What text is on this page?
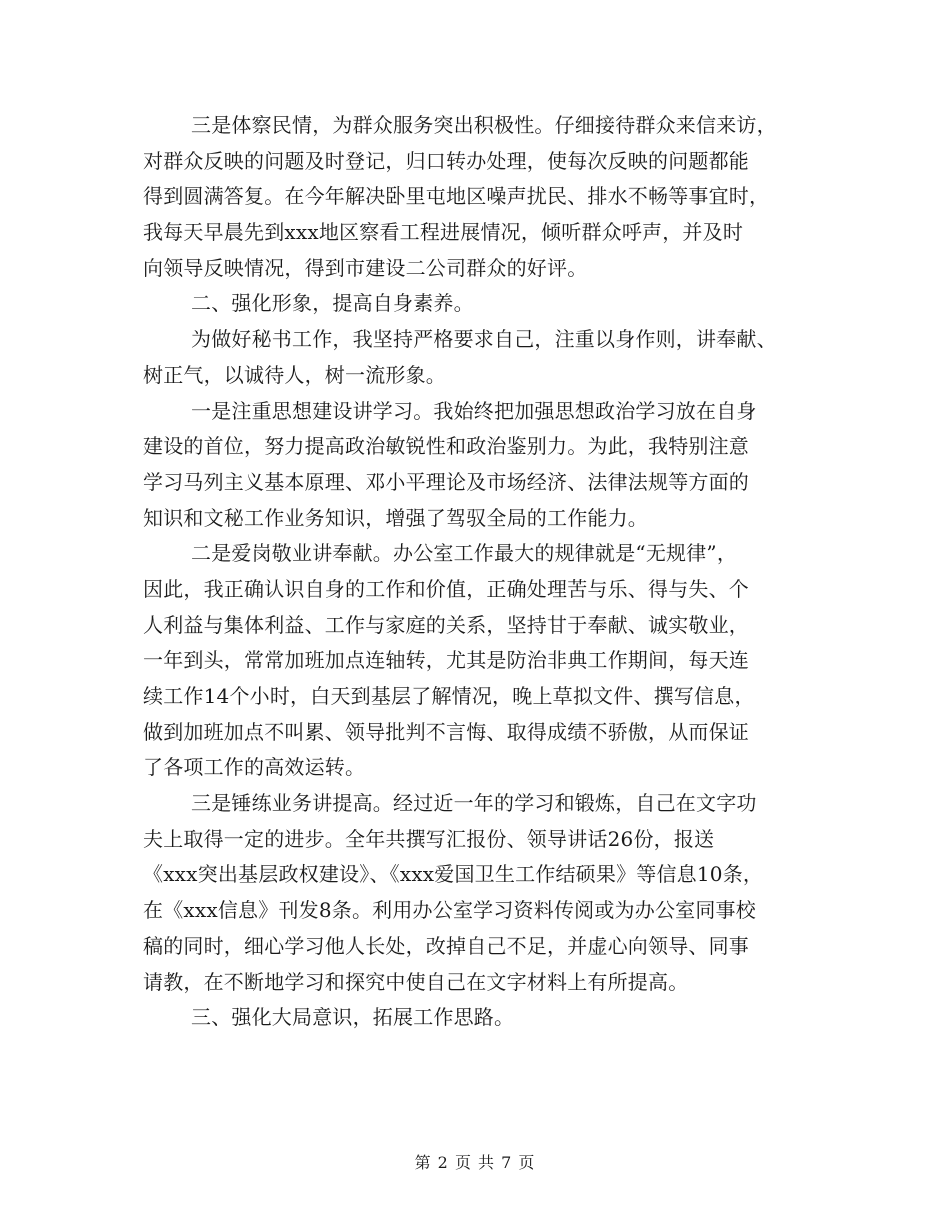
三是体察民情，为群众服务突出积极性。仔细接待群众来信来访，
对群众反映的问题及时登记，归口转办处理，使每次反映的问题都能
得到圆满答复。在今年解决卧里屯地区噪声扰民、排水不畅等事宜时，
我每天早晨先到xxx地区察看工程进展情况，倾听群众呼声，并及时
向领导反映情况，得到市建设二公司群众的好评。
二、强化形象，提高自身素养。
为做好秘书工作，我坚持严格要求自己，注重以身作则，讲奉献、
树正气，以诚待人，树一流形象。
一是注重思想建设讲学习。我始终把加强思想政治学习放在自身
建设的首位，努力提高政治敏锐性和政治鉴别力。为此，我特别注意
学习马列主义基本原理、邓小平理论及市场经济、法律法规等方面的
知识和文秘工作业务知识，增强了驾驭全局的工作能力。
二是爱岗敬业讲奉献。办公室工作最大的规律就是“无规律”，
因此，我正确认识自身的工作和价值，正确处理苦与乐、得与失、个
人利益与集体利益、工作与家庭的关系，坚持甘于奉献、诚实敬业，
一年到头，常常加班加点连轴转，尤其是防治非典工作期间，每天连
续工作14个小时，白天到基层了解情况，晚上草拟文件、撰写信息，
做到加班加点不叫累、领导批判不言悔、取得成绩不骄傲，从而保证
了各项工作的高效运转。
三是锤练业务讲提高。经过近一年的学习和锻炼，自己在文字功
夫上取得一定的进步。全年共撰写汇报份、领导讲话26份，报送
《xxx突出基层政权建设》、《xxx爱国卫生工作结硕果》等信息10条，
在《xxx信息》刊发8条。利用办公室学习资料传阅或为办公室同事校
稿的同时，细心学习他人长处，改掉自己不足，并虚心向领导、同事
请教，在不断地学习和探究中使自己在文字材料上有所提高。
三、强化大局意识，拓展工作思路。
第 2 页 共 7 页
